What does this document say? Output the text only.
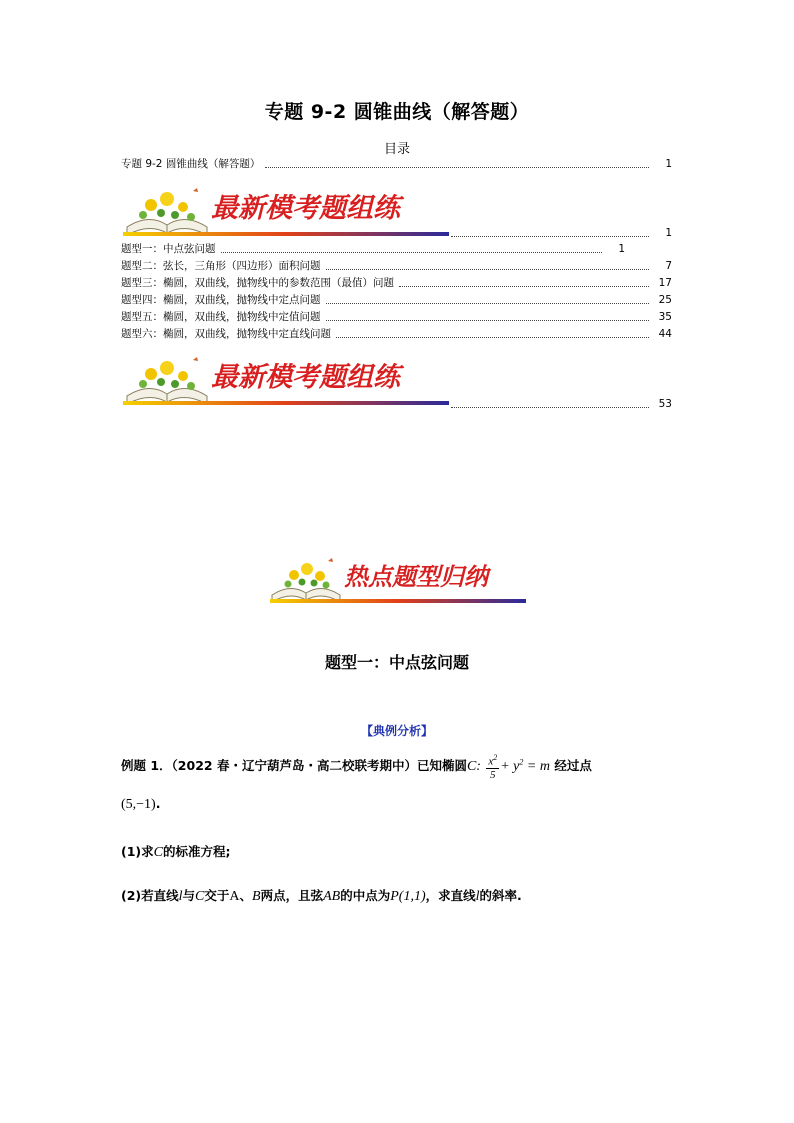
专题 9-2 圆锥曲线（解答题）
目录
专题 9-2 圆锥曲线（解答题）	1
最新模考题组练
1
题型一：中点弦问题	1
题型二：弦长，三角形（四边形）面积问题	7
题型三：椭圆，双曲线，抛物线中的参数范围（最值）问题	17
题型四：椭圆，双曲线，抛物线中定点问题	25
题型五：椭圆，双曲线，抛物线中定值问题	35
题型六：椭圆，双曲线，抛物线中定直线问题	44
最新模考题组练
53
热点题型归纳
题型一：中点弦问题
【典例分析】
例题 1．（2022 春・辽宁葫芦岛・高二校联考期中）已知椭圆C: $\frac{x^2}{5} + y^2 = m$ 经过点
(5,−1).
(1)求C的标准方程;
(2)若直线l与C交于A、B两点，且弦AB的中点为P(1,1)，求直线l的斜率.
